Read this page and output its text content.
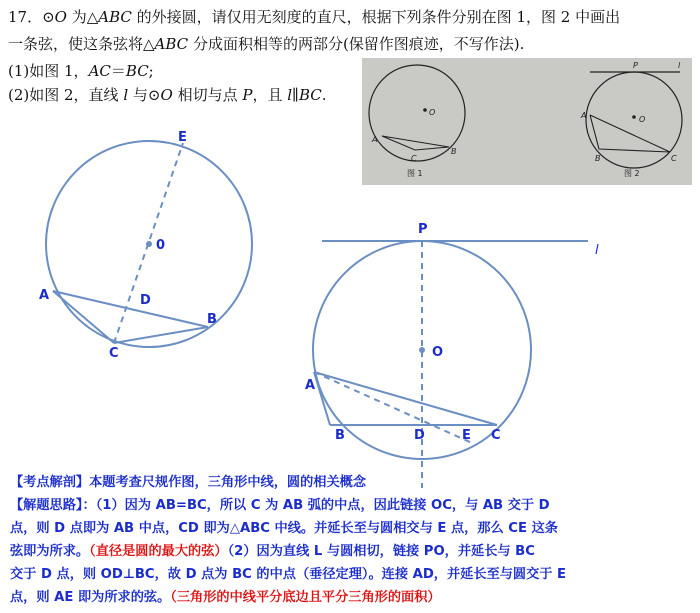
17．⊙O 为△ABC 的外接圆，请仅用无刻度的直尺，根据下列条件分别在图 1，图 2 中画出
一条弦，使这条弦将△ABC 分成面积相等的两部分(保留作图痕迹，不写作法).
(1)如图 1，AC＝BC;
(2)如图 2，直线 l 与⊙O 相切与点 P，且 l∥BC.
O
A
B
C
图 1
P	l
O
A
B	C
图 2
E
0
A	D
B
C
P
l
O
A
B	D	E C
【考点解剖】本题考查尺规作图，三角形中线，圆的相关概念
【解题思路】：（1）因为 AB=BC，所以 C 为 AB 弧的中点，因此链接 OC，与 AB 交于 D
点，则 D 点即为 AB 中点，CD 即为△ABC 中线。并延长至与圆相交与 E 点，那么 CE 这条
弦即为所求。（直径是圆的最大的弦）（2）因为直线 L 与圆相切，链接 PO，并延长与 BC
交于 D 点，则 OD⊥BC，故 D 点为 BC 的中点（垂径定理）。连接 AD，并延长至与圆交于 E
点，则 AE 即为所求的弦。（三角形的中线平分底边且平分三角形的面积）
